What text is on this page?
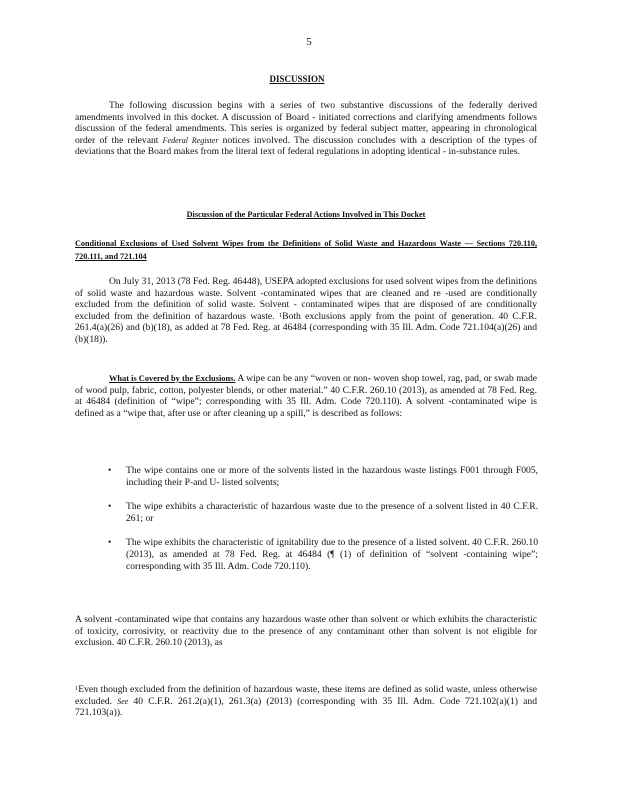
5
DISCUSSION

The following discussion begins with a series of two substantive discussions of the federally derived amendments involved in this docket. A discussion of Board - initiated corrections and clarifying amendments follows discussion of the federal amendments. This series is organized by federal subject matter, appearing in chronological order of the relevant Federal Register notices involved. The discussion concludes with a description of the types of deviations that the Board makes from the literal text of federal regulations in adopting identical - in-substance rules.

Discussion of the Particular Federal Actions Involved in This Docket

Conditional Exclusions of Used Solvent Wipes from the Definitions of Solid Waste and Hazardous Waste — Sections 720.110, 720.111, and 721.104

On July 31, 2013 (78 Fed. Reg. 46448), USEPA adopted exclusions for used solvent wipes from the definitions of solid waste and hazardous waste. Solvent -contaminated wipes that are cleaned and re -used are conditionally excluded from the definition of solid waste. Solvent - contaminated wipes that are disposed of are conditionally excluded from the definition of hazardous waste. $^1$Both exclusions apply from the point of generation. 40 C.F.R. 261.4(a)(26) and (b)(18), as added at 78 Fed. Reg. at 46484 (corresponding with 35 Ill. Adm. Code 721.104(a)(26) and (b)(18)).

What is Covered by the Exclusions. A wipe can be any “woven or non- woven shop towel, rag, pad, or swab made of wood pulp, fabric, cotton, polyester blends, or other material.” 40 C.F.R. 260.10 (2013), as amended at 78 Fed. Reg. at 46484 (definition of “wipe”; corresponding with 35 Ill. Adm. Code 720.110). A solvent -contaminated wipe is defined as a “wipe that, after use or after cleaning up a spill,” is described as follows:

• The wipe contains one or more of the solvents listed in the hazardous waste listings F001 through F005, including their P-and U- listed solvents;
• The wipe exhibits a characteristic of hazardous waste due to the presence of a solvent listed in 40 C.F.R. 261; or
• The wipe exhibits the characteristic of ignitability due to the presence of a listed solvent. 40 C.F.R. 260.10 (2013), as amended at 78 Fed. Reg. at 46484 (¶ (1) of definition of “solvent -containing wipe”; corresponding with 35 Ill. Adm. Code 720.110).

A solvent -contaminated wipe that contains any hazardous waste other than solvent or which exhibits the characteristic of toxicity, corrosivity, or reactivity due to the presence of any contaminant other than solvent is not eligible for exclusion. 40 C.F.R. 260.10 (2013), as

$^1$Even though excluded from the definition of hazardous waste, these items are defined as solid waste, unless otherwise excluded. See 40 C.F.R. 261.2(a)(1), 261.3(a) (2013) (corresponding with 35 Ill. Adm. Code 721.102(a)(1) and 721.103(a)).
